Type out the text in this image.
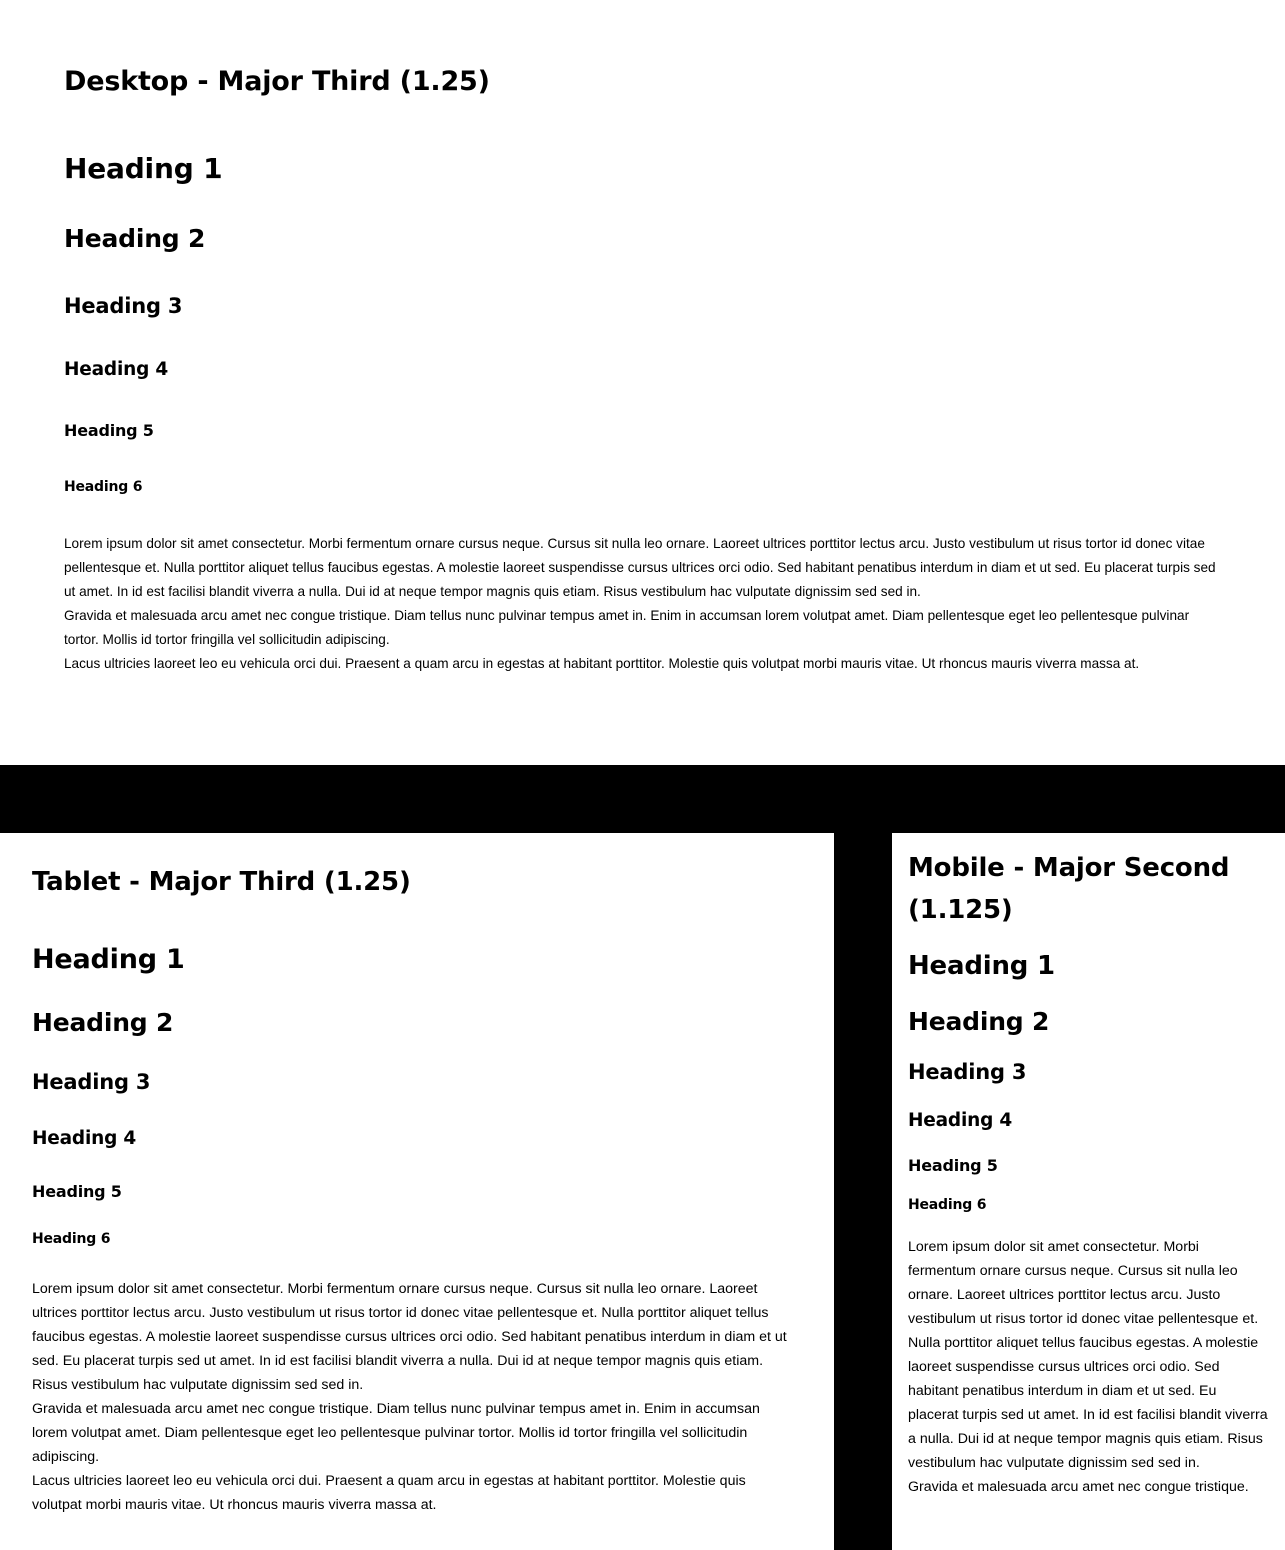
Desktop - Major Third (1.25)
Heading 1
Heading 2
Heading 3
Heading 4
Heading 5
Heading 6

Lorem ipsum dolor sit amet consectetur. Morbi fermentum ornare cursus neque. Cursus sit nulla leo ornare. Laoreet ultrices porttitor lectus arcu. Justo vestibulum ut risus tortor id donec vitae pellentesque et. Nulla porttitor aliquet tellus faucibus egestas. A molestie laoreet suspendisse cursus ultrices orci odio. Sed habitant penatibus interdum in diam et ut sed. Eu placerat turpis sed ut amet. In id est facilisi blandit viverra a nulla. Dui id at neque tempor magnis quis etiam. Risus vestibulum hac vulputate dignissim sed sed in.

Gravida et malesuada arcu amet nec congue tristique. Diam tellus nunc pulvinar tempus amet in. Enim in accumsan lorem volutpat amet. Diam pellentesque eget leo pellentesque pulvinar tortor. Mollis id tortor fringilla vel sollicitudin adipiscing.

Lacus ultricies laoreet leo eu vehicula orci dui. Praesent a quam arcu in egestas at habitant porttitor. Molestie quis volutpat morbi mauris vitae. Ut rhoncus mauris viverra massa at.

Tablet - Major Third (1.25)
Heading 1
Heading 2
Heading 3
Heading 4
Heading 5
Heading 6

Lorem ipsum dolor sit amet consectetur. Morbi fermentum ornare cursus neque. Cursus sit nulla leo ornare. Laoreet ultrices porttitor lectus arcu. Justo vestibulum ut risus tortor id donec vitae pellentesque et. Nulla porttitor aliquet tellus faucibus egestas. A molestie laoreet suspendisse cursus ultrices orci odio. Sed habitant penatibus interdum in diam et ut sed. Eu placerat turpis sed ut amet. In id est facilisi blandit viverra a nulla. Dui id at neque tempor magnis quis etiam. Risus vestibulum hac vulputate dignissim sed sed in.

Gravida et malesuada arcu amet nec congue tristique. Diam tellus nunc pulvinar tempus amet in. Enim in accumsan lorem volutpat amet. Diam pellentesque eget leo pellentesque pulvinar tortor. Mollis id tortor fringilla vel sollicitudin adipiscing.

Lacus ultricies laoreet leo eu vehicula orci dui. Praesent a quam arcu in egestas at habitant porttitor. Molestie quis volutpat morbi mauris vitae. Ut rhoncus mauris viverra massa at.

Mobile - Major Second (1.125)
Heading 1
Heading 2
Heading 3
Heading 4
Heading 5
Heading 6

Lorem ipsum dolor sit amet consectetur. Morbi fermentum ornare cursus neque. Cursus sit nulla leo ornare. Laoreet ultrices porttitor lectus arcu. Justo vestibulum ut risus tortor id donec vitae pellentesque et. Nulla porttitor aliquet tellus faucibus egestas. A molestie laoreet suspendisse cursus ultrices orci odio. Sed habitant penatibus interdum in diam et ut sed. Eu placerat turpis sed ut amet. In id est facilisi blandit viverra a nulla. Dui id at neque tempor magnis quis etiam. Risus vestibulum hac vulputate dignissim sed sed in.

Gravida et malesuada arcu amet nec congue tristique.
